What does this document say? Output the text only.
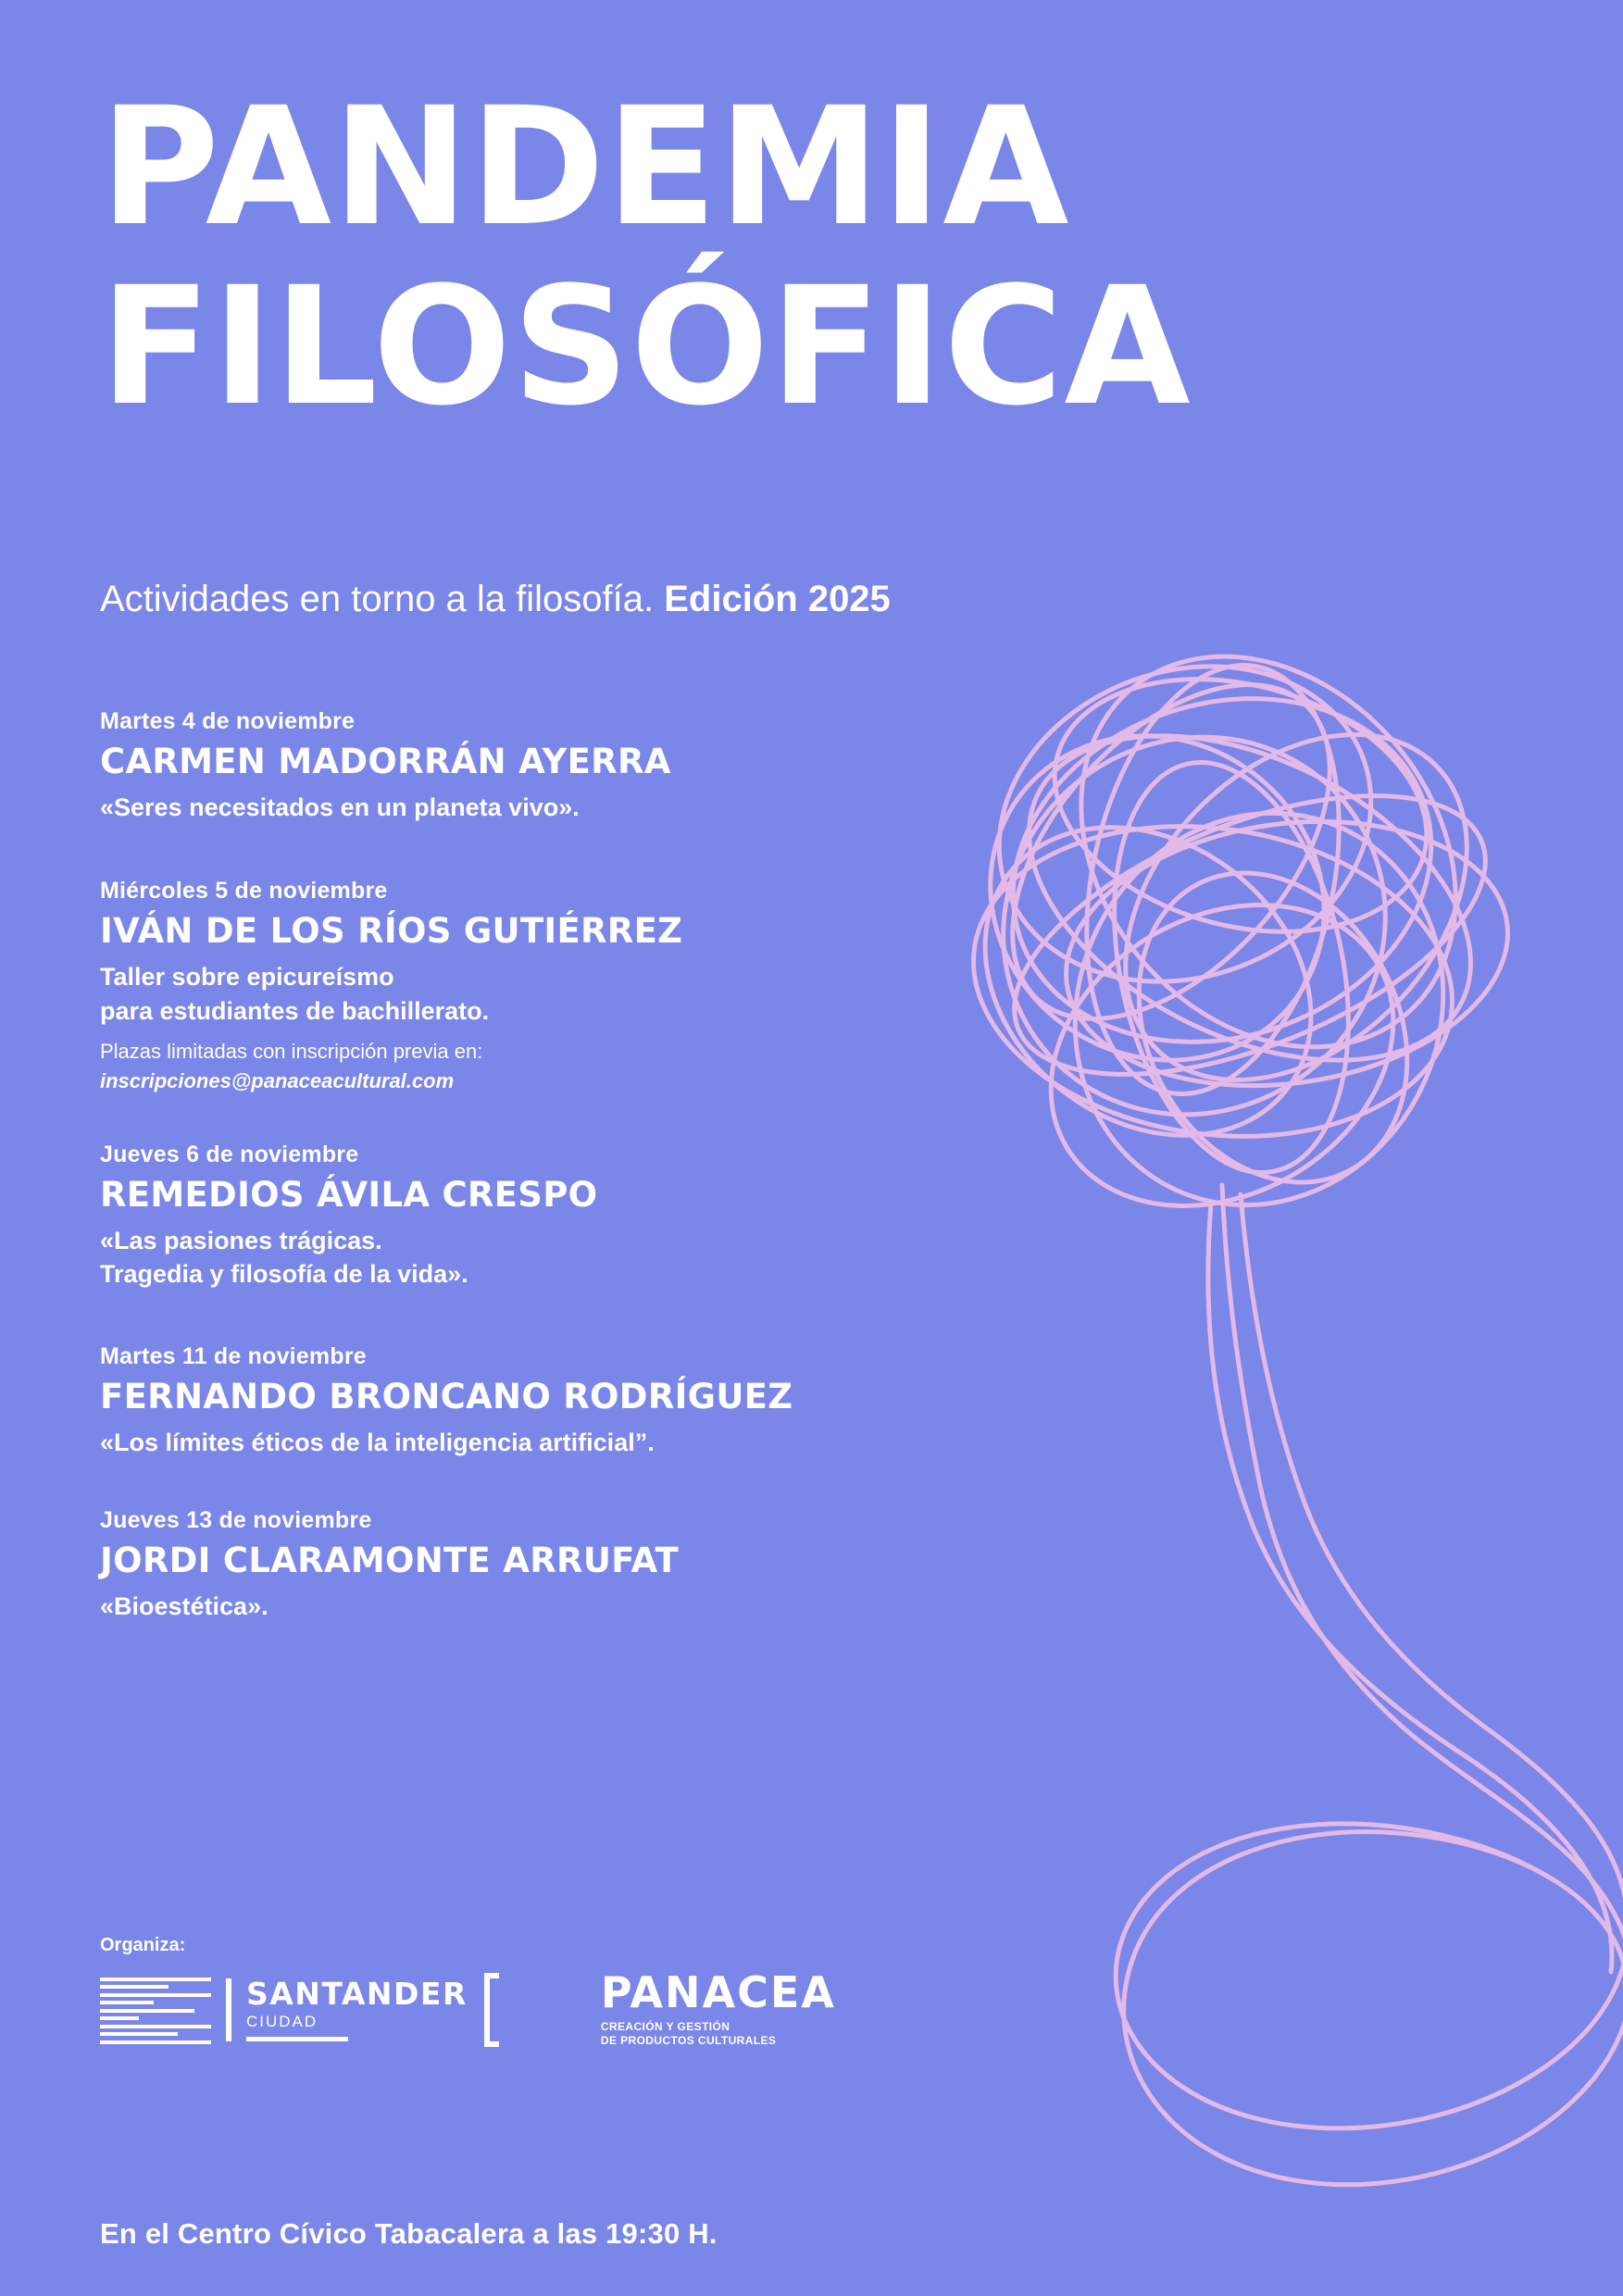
PANDEMIA
FILOSÓFICA
Actividades en torno a la filosofía. Edición 2025
Martes 4 de noviembre
CARMEN MADORRÁN AYERRA
«Seres necesitados en un planeta vivo».
Miércoles 5 de noviembre
IVÁN DE LOS RÍOS GUTIÉRREZ
Taller sobre epicureísmo
para estudiantes de bachillerato.
Plazas limitadas con inscripción previa en:
inscripciones@panaceacultural.com
Jueves 6 de noviembre
REMEDIOS ÁVILA CRESPO
«Las pasiones trágicas.
Tragedia y filosofía de la vida».
Martes 11 de noviembre
FERNANDO BRONCANO RODRÍGUEZ
«Los límites éticos de la inteligencia artificial”.
Jueves 13 de noviembre
JORDI CLARAMONTE ARRUFAT
«Bioestética».
Organiza:
SANTANDER
CIUDAD
PANACEA
CREACIÓN Y GESTIÓN
DE PRODUCTOS CULTURALES
En el Centro Cívico Tabacalera a las 19:30 H.
